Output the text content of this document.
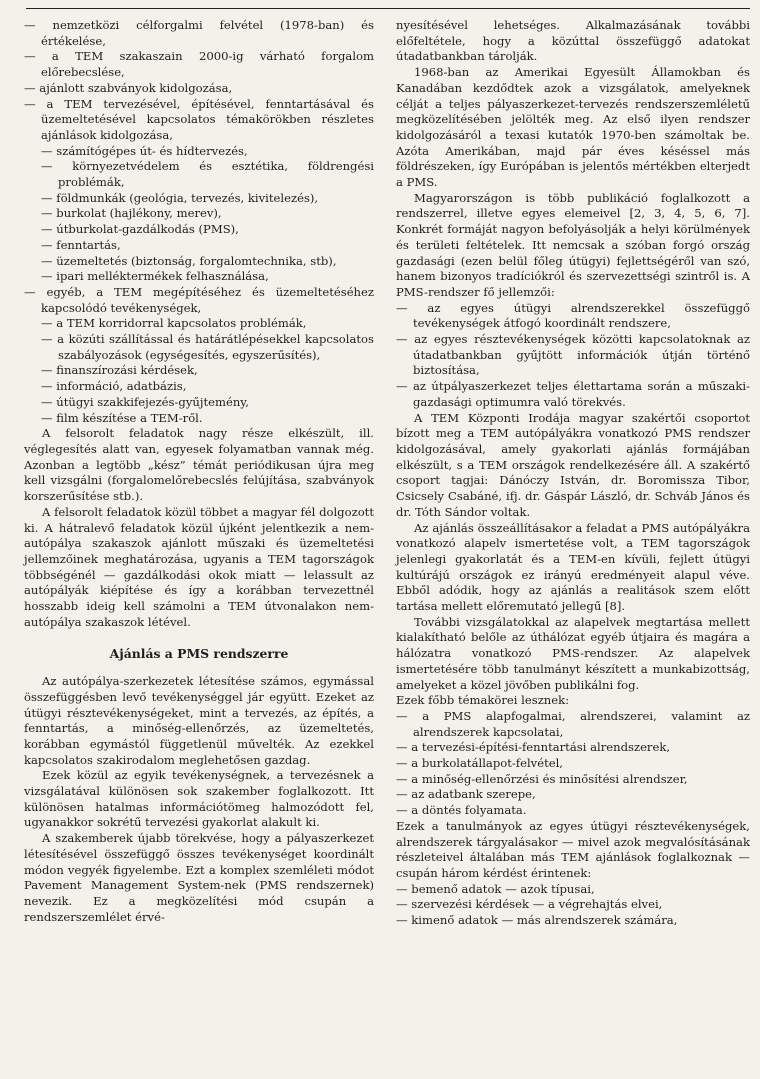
— nemzetközi célforgalmi felvétel (1978-ban) és értékelése,

— a TEM szakaszain 2000-ig várható forgalom előrebecslése,

— ajánlott szabványok kidolgozása,

— a TEM tervezésével, építésével, fenntartásával és üzemeltetésével kapcsolatos témakörökben részletes ajánlások kidolgozása,

— számítógépes út- és hídtervezés,

— környezetvédelem és esztétika, földrengési problémák,

— földmunkák (geológia, tervezés, kivitelezés),

— burkolat (hajlékony, merev),

— útburkolat-gazdálkodás (PMS),

— fenntartás,

— üzemeltetés (biztonság, forgalomtechnika, stb),

— ipari melléktermékek felhasználása,

— egyéb, a TEM megépítéséhez és üzemeltetéséhez kapcsolódó tevékenységek,

— a TEM korridorral kapcsolatos problémák,

— a közúti szállítással és határátlépésekkel kapcsolatos szabályozások (egységesítés, egyszerűsítés),

— finanszírozási kérdések,

— információ, adatbázis,

— útügyi szakkifejezés-gyűjtemény,

— film készítése a TEM-ről.

A felsorolt feladatok nagy része elkészült, ill. véglegesítés alatt van, egyesek folyamatban vannak még. Azonban a legtöbb „kész” témát periódikusan újra meg kell vizsgálni (forgalomelőrebecslés felújítása, szabványok korszerűsítése stb.).

A felsorolt feladatok közül többet a magyar fél dolgozott ki. A hátralevő feladatok közül újként jelentkezik a nem-autópálya szakaszok ajánlott műszaki és üzemeltetési jellemzőinek meghatározása, ugyanis a TEM tagországok többségénél — gazdálkodási okok miatt — lelassult az autópályák kiépítése és így a korábban tervezettnél hosszabb ideig kell számolni a TEM útvonalakon nem-autópálya szakaszok létével.

Ajánlás a PMS rendszerre

Az autópálya-szerkezetek létesítése számos, egymással összefüggésben levő tevékenységgel jár együtt. Ezeket az útügyi résztevékenységeket, mint a tervezés, az építés, a fenntartás, a minőség-ellenőrzés, az üzemeltetés, korábban egymástól függetlenül művelték. Az ezekkel kapcsolatos szakirodalom meglehetősen gazdag.

Ezek közül az egyik tevékenységnek, a tervezésnek a vizsgálatával különösen sok szakember foglalkozott. Itt különösen hatalmas információtömeg halmozódott fel, ugyanakkor sokrétű tervezési gyakorlat alakult ki.

A szakemberek újabb törekvése, hogy a pályaszerkezet létesítésével összefüggő összes tevékenységet koordinált módon vegyék figyelembe. Ezt a komplex szemléleti módot Pavement Management System-nek (PMS rendszernek) nevezik. Ez a megközelítési mód csupán a rendszerszemlélet érvé-

nyesítésével lehetséges. Alkalmazásának további előfeltétele, hogy a közúttal összefüggő adatokat útadatbankban tárolják.

1968-ban az Amerikai Egyesült Államokban és Kanadában kezdődtek azok a vizsgálatok, amelyeknek célját a teljes pályaszerkezet-tervezés rendszerszemléletű megközelítésében jelölték meg. Az első ilyen rendszer kidolgozásáról a texasi kutatók 1970-ben számoltak be. Azóta Amerikában, majd pár éves késéssel más földrészeken, így Európában is jelentős mértékben elterjedt a PMS.

Magyarországon is több publikáció foglalkozott a rendszerrel, illetve egyes elemeivel [2, 3, 4, 5, 6, 7]. Konkrét formáját nagyon befolyásolják a helyi körülmények és területi feltételek. Itt nemcsak a szóban forgó ország gazdasági (ezen belül főleg útügyi) fejlettségéről van szó, hanem bizonyos tradíciókról és szervezettségi szintről is. A PMS-rendszer fő jellemzői:

— az egyes útügyi alrendszerekkel összefüggő tevékenységek átfogó koordinált rendszere,

— az egyes résztevékenységek közötti kapcsolatoknak az útadatbankban gyűjtött információk útján történő biztosítása,

— az útpályaszerkezet teljes élettartama során a műszaki-gazdasági optimumra való törekvés.

A TEM Központi Irodája magyar szakértői csoportot bízott meg a TEM autópályákra vonatkozó PMS rendszer kidolgozásával, amely gyakorlati ajánlás formájában elkészült, s a TEM országok rendelkezésére áll. A szakértő csoport tagjai: Dánóczy István, dr. Boromissza Tibor, Csicsely Csabáné, ifj. dr. Gáspár László, dr. Schváb János és dr. Tóth Sándor voltak.

Az ajánlás összeállításakor a feladat a PMS autópályákra vonatkozó alapelv ismertetése volt, a TEM tagországok jelenlegi gyakorlatát és a TEM-en kívüli, fejlett útügyi kultúrájú országok ez irányú eredményeit alapul véve. Ebből adódik, hogy az ajánlás a realitások szem előtt tartása mellett előremutató jellegű [8].

További vizsgálatokkal az alapelvek megtartása mellett kialakítható belőle az úthálózat egyéb útjaira és magára a hálózatra vonatkozó PMS-rendszer. Az alapelvek ismertetésére több tanulmányt készített a munkabizottság, amelyeket a közel jövőben publikálni fog.

Ezek főbb témakörei lesznek:

— a PMS alapfogalmai, alrendszerei, valamint az alrendszerek kapcsolatai,

— a tervezési-építési-fenntartási alrendszerek,

— a burkolatállapot-felvétel,

— a minőség-ellenőrzési és minősítési alrendszer,

— az adatbank szerepe,

— a döntés folyamata.

Ezek a tanulmányok az egyes útügyi résztevékenységek, alrendszerek tárgyalásakor — mivel azok megvalósításának részleteivel általában más TEM ajánlások foglalkoznak — csupán három kérdést érintenek:

— bemenő adatok — azok típusai,

— szervezési kérdések — a végrehajtás elvei,

— kimenő adatok — más alrendszerek számára,
